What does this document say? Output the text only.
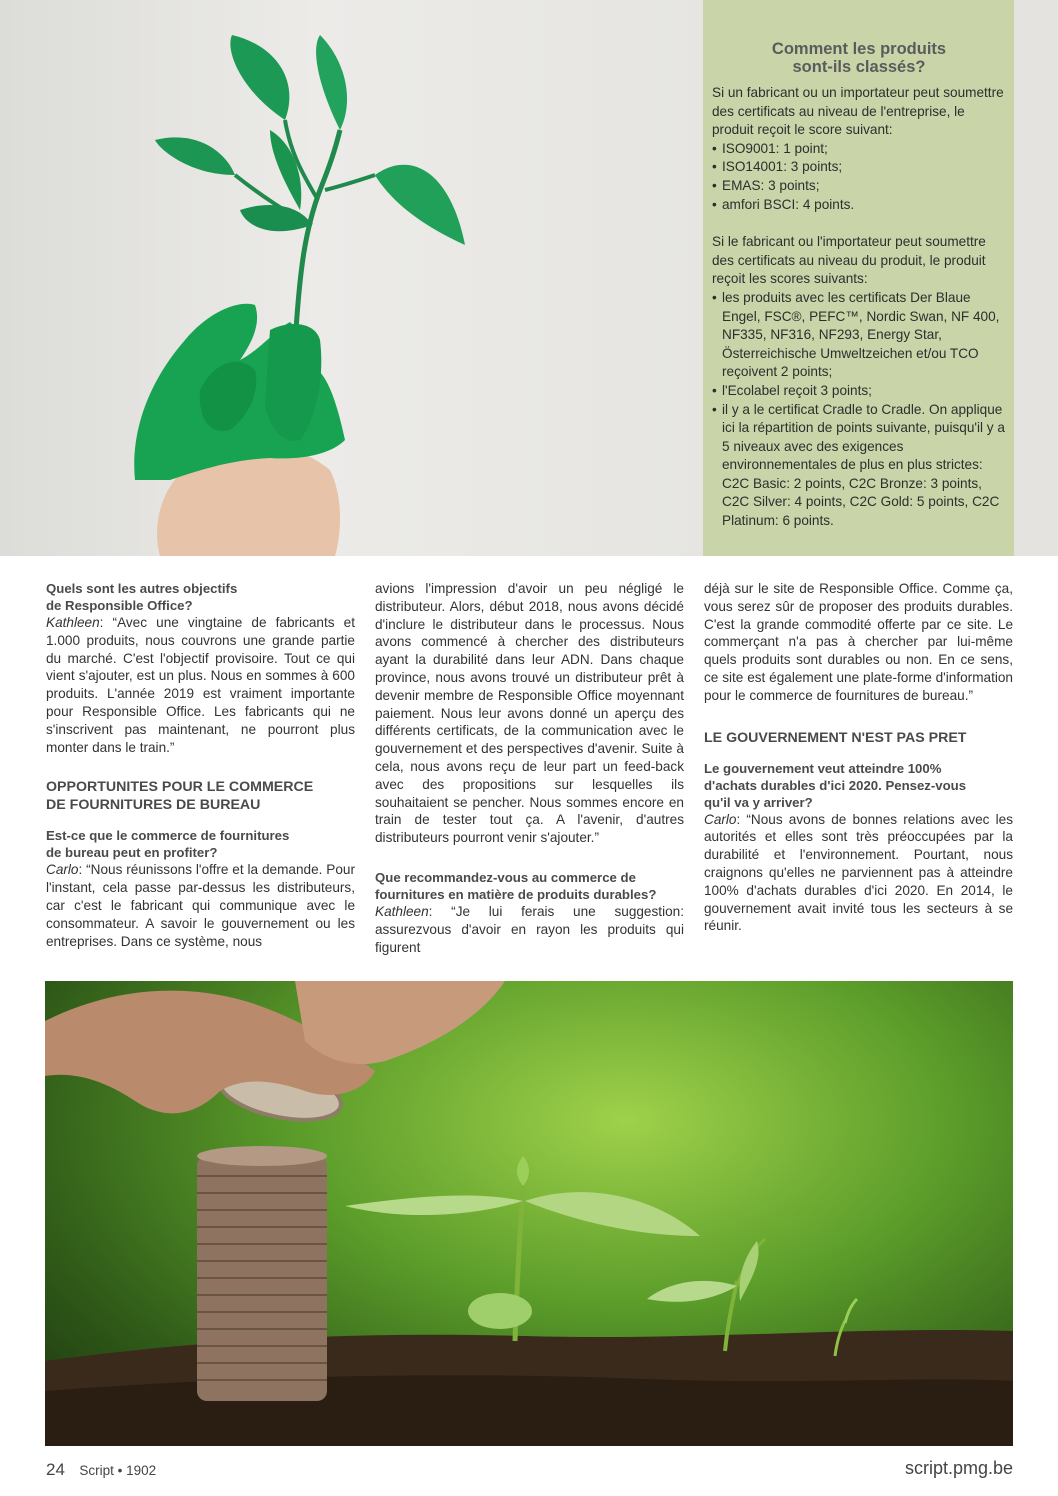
Comment les produits
sont-ils classés?

Si un fabricant ou un importateur peut soumettre des certificats au niveau de l'entreprise, le produit reçoit le score suivant:

• ISO9001: 1 point;
• ISO14001: 3 points;
• EMAS: 3 points;
• amfori BSCI: 4 points.

Si le fabricant ou l'importateur peut soumettre des certificats au niveau du produit, le produit reçoit les scores suivants:

• les produits avec les certificats Der Blaue Engel, FSC®, PEFC™, Nordic Swan, NF 400, NF335, NF316, NF293, Energy Star, Österreichische Umweltzeichen et/ou TCO reçoivent 2 points;
• l'Ecolabel reçoit 3 points;
• il y a le certificat Cradle to Cradle. On applique ici la répartition de points suivante, puisqu'il y a 5 niveaux avec des exigences environnementales de plus en plus strictes: C2C Basic: 2 points, C2C Bronze: 3 points, C2C Silver: 4 points, C2C Gold: 5 points, C2C Platinum: 6 points.
Quels sont les autres objectifs
de Responsible Office?

Kathleen: “Avec une vingtaine de fabricants et 1.000 produits, nous couvrons une grande partie du marché. C'est l'objectif provisoire. Tout ce qui vient s'ajouter, est un plus. Nous en sommes à 600 produits. L'année 2019 est vraiment importante pour Responsible Office. Les fabricants qui ne s'inscrivent pas maintenant, ne pourront plus monter dans le train.”

OPPORTUNITES POUR LE COMMERCE
DE FOURNITURES DE BUREAU
Est-ce que le commerce de fournitures
de bureau peut en profiter?

Carlo: “Nous réunissons l'offre et la demande. Pour l'instant, cela passe par-dessus les distributeurs, car c'est le fabricant qui communique avec le consommateur. A savoir le gouvernement ou les entreprises. Dans ce système, nous

avions l'impression d'avoir un peu négligé le distributeur. Alors, début 2018, nous avons décidé d'inclure le distributeur dans le processus. Nous avons commencé à chercher des distributeurs ayant la durabilité dans leur ADN. Dans chaque province, nous avons trouvé un distributeur prêt à devenir membre de Responsible Office moyennant paiement. Nous leur avons donné un aperçu des différents certificats, de la communication avec le gouvernement et des perspectives d'avenir. Suite à cela, nous avons reçu de leur part un feed-back avec des propositions sur lesquelles ils souhaitaient se pencher. Nous sommes encore en train de tester tout ça. A l'avenir, d'autres distributeurs pourront venir s'ajouter.”

Que recommandez-vous au commerce de
fournitures en matière de produits durables?

Kathleen: “Je lui ferais une suggestion: assurezvous d'avoir en rayon les produits qui figurent

déjà sur le site de Responsible Office. Comme ça, vous serez sûr de proposer des produits durables. C'est la grande commodité offerte par ce site. Le commerçant n'a pas à chercher par lui-même quels produits sont durables ou non. En ce sens, ce site est également une plate-forme d'information pour le commerce de fournitures de bureau.”

LE GOUVERNEMENT N'EST PAS PRET
Le gouvernement veut atteindre 100%
d'achats durables d'ici 2020. Pensez-vous
qu'il va y arriver?

Carlo: “Nous avons de bonnes relations avec les autorités et elles sont très préoccupées par la durabilité et l'environnement. Pourtant, nous craignons qu'elles ne parviennent pas à atteindre 100% d'achats durables d'ici 2020. En 2014, le gouvernement avait invité tous les secteurs à se réunir.

24 Script • 1902	script.pmg.be
